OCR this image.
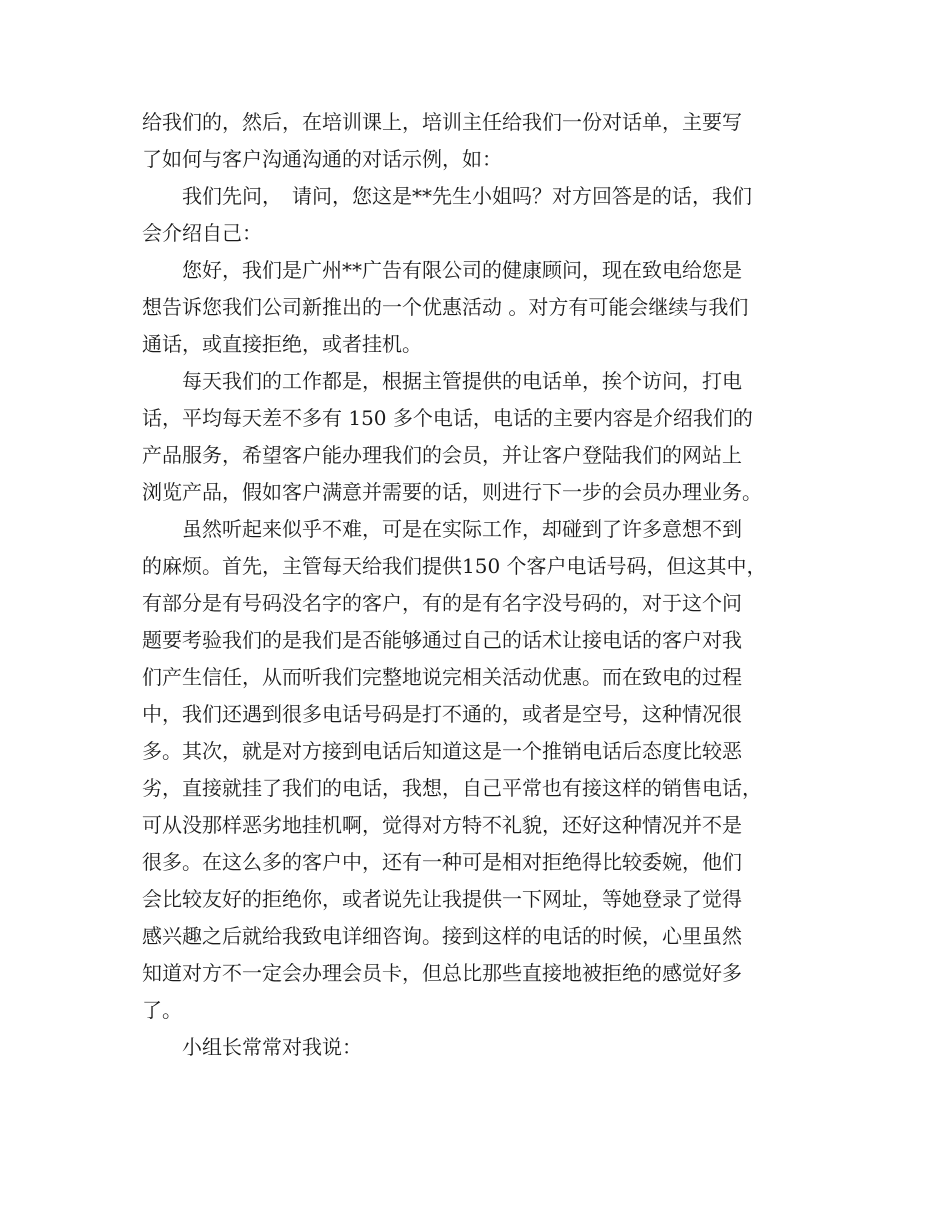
给我们的，然后，在培训课上，培训主任给我们一份对话单，主要写
了如何与客户沟通沟通的对话示例，如：
　　我们先问，　请问，您这是**先生小姐吗？对方回答是的话，我们
会介绍自己：
　　您好，我们是广州**广告有限公司的健康顾问，现在致电给您是
想告诉您我们公司新推出的一个优惠活动 。对方有可能会继续与我们
通话，或直接拒绝，或者挂机。
　　每天我们的工作都是，根据主管提供的电话单，挨个访问，打电
话，平均每天差不多有 150 多个电话，电话的主要内容是介绍我们的
产品服务，希望客户能办理我们的会员，并让客户登陆我们的网站上
浏览产品，假如客户满意并需要的话，则进行下一步的会员办理业务。
　　虽然听起来似乎不难，可是在实际工作，却碰到了许多意想不到
的麻烦。首先，主管每天给我们提供150 个客户电话号码，但这其中，
有部分是有号码没名字的客户，有的是有名字没号码的，对于这个问
题要考验我们的是我们是否能够通过自己的话术让接电话的客户对我
们产生信任，从而听我们完整地说完相关活动优惠。而在致电的过程
中，我们还遇到很多电话号码是打不通的，或者是空号，这种情况很
多。其次，就是对方接到电话后知道这是一个推销电话后态度比较恶
劣，直接就挂了我们的电话，我想，自己平常也有接这样的销售电话，
可从没那样恶劣地挂机啊，觉得对方特不礼貌，还好这种情况并不是
很多。在这么多的客户中，还有一种可是相对拒绝得比较委婉，他们
会比较友好的拒绝你，或者说先让我提供一下网址，等她登录了觉得
感兴趣之后就给我致电详细咨询。接到这样的电话的时候，心里虽然
知道对方不一定会办理会员卡，但总比那些直接地被拒绝的感觉好多
了。
　　小组长常常对我说：
